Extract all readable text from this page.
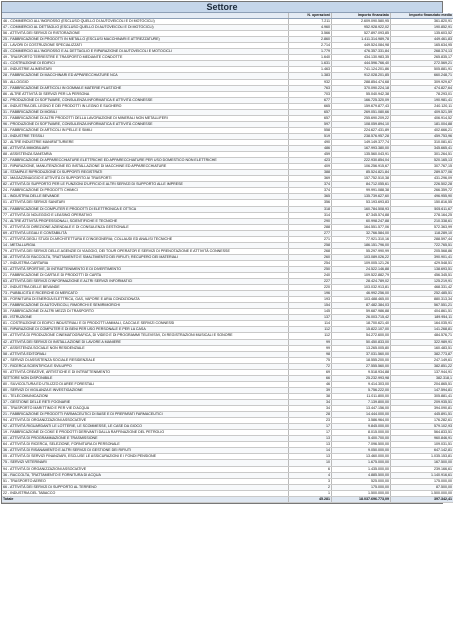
Settore
	N. operazioni	Importo finanziato	Importo finanziato medio
46 - COMMERCIO ALL'INGROSSO (ESCLUSO QUELLO DI AUTOVEICOLI E DI MOTOCICLI)	7.211	2.609.090.580,95	361.820,91
47 - COMMERCIO AL DETTAGLIO (ESCLUSO QUELLO DI AUTOVEICOLI E DI MOTOCICLI)	4.960	952.928.922,02	190.852,91
56 - ATTIVITÀ DEI SERVIZI DI RISTORAZIONE	3.566	527.897.093,85	135.603,52
25 - FABBRICAZIONE DI PRODOTTI IN METALLO (ESCLUSI MACCHINARI E ATTREZZATURE)	2.860	1.411.314.989,78	449.461,83
43 - LAVORI DI COSTRUZIONE SPECIALIZZATI	2.714	449.524.084,98	165.634,95
45 - COMMERCIO ALL'INGROSSO E AL DETTAGLIO E RIPARAZIONE DI AUTOVEICOLI E MOTOCICLI	1.779	476.357.331,84	268.374,13
49 - TRASPORTO TERRESTRE E TRASPORTO MEDIANTE CONDOTTE	1.640	434.130.983,35	265.835,17
41 - COSTRUZIONE DI EDIFICI	1.631	444.596.766,40	272.569,21
10 - INDUSTRIE ALIMENTARI	1.463	741.124.201,86	505.881,91
28 - FABBRICAZIONE DI MACCHINARI ED APPARECCHIATURE NCA	1.383	912.028.201,85	660.248,71
55 - ALLOGGIO	932	288.854.474,68	309.929,67
22 - FABBRICAZIONE DI ARTICOLI IN GOMMA E MATERIE PLASTICHE	763	370.090.224,18	474.827,64
86 - ALTRE ATTIVITÀ DI SERVIZI PER LA PERSONA	703	55.040.942,38	78.293,01
62 - PRODUZIONE DI SOFTWARE, CONSULENZA INFORMATICA E ATTIVITÀ CONNESSE	677	166.725.320,09	190.981,41
16 - INDUSTRIA DEL LEGNO E DEI PRODOTTI IN LEGNO E SUGHERO	665	159.679.877,43	240.120,11
31 - FABBRICAZIONE DI MOBILI	657	269.051.080,66	409.521,59
23 - FABBRICAZIONE DI ALTRI PRODOTTI DELLA LAVORAZIONE DI MINERALI NON METALLIFERI	657	255.690.209,22	406.914,52
96 - PRODUZIONE DI SOFTWARE, CONSULENZA INFORMATICA E ATTIVITÀ CONNESSE	597	108.059.894,10	181.004,88
15 - FABBRICAZIONE DI ARTICOLI IN PELLE E SIMILI	558	224.627.431,89	402.666,21
13 - INDUSTRIE TESSILI	519	238.576.957,28	459.753,96
32 - ALTRE INDUSTRIE MANIFATTURIERE	490	149.149.377,74	310.081,61
68 - ATTIVITÀ IMMOBILIARI	486	167.993.380,00	345.665,41
88 - ASSISTENZA SANITARIA	459	135.560.043,91	301.264,51
27 - FABBRICAZIONE DI APPARECCHIATURE ELETTRICHE ED APPARECCHIATURE PER USO DOMESTICO NON ELETTRICHE	423	222.930.854,04	520.165,13
33 - RIPARAZIONE, MANUTENZIONE ED INSTALLAZIONE DI MACCHINE ED APPARECCHIATURE	409	106.256.915,67	307.767,15
18 - STAMPA E RIPRODUZIONE DI SUPPORTI REGISTRATI	388	85.524.821,84	289.577,06
52 - MAGAZZINAGGIO E ATTIVITÀ DI SUPPORTO AI TRASPORTI	369	157.752.510,38	431.296,09
82 - ATTIVITÀ DI SUPPORTO PER LE FUNZIONI D'UFFICIO E ALTRI SERVIZI DI SUPPORTO ALLE IMPRESE	374	84.712.055,61	226.502,28
24 - FABBRICAZIONE DI PRODOTTI CHIMICI	374	99.991.088,38	266.359,72
11 - INDUSTRIA DELLE BEVANDE	365	135.739.627,60	496.955,90
01 - ATTIVITÀ DEI SERVIZI SANITARI	356	53.193.693,83	150.816,55
26 - FABBRICAZIONE DI COMPUTER E PRODOTTI DI ELETTRONICA E OTTICA	318	160.784.508,93	505.611,67
77 - ATTIVITÀ DI NOLEGGIO E LEASING OPERATIVO	314	87.345.574,88	278.164,25
74 - ALTRE ATTIVITÀ PROFESSIONALI, SCIENTIFICHE E TECNICHE	290	60.998.247,88	210.338,61
70 - ATTIVITÀ DI DIREZIONE AZIENDALE E DI CONSULENZA GESTIONALE	288	164.551.577,06	572.363,99
69 - ATTIVITÀ LEGALI E CONTABILITÀ	277	32.766.584,00	118.289,10
71 - ATTIVITÀ DEGLI STUDI DI ARCHITETTURA E D'INGEGNERIA; COLLAUDI ED ANALISI TECNICHE	271	77.921.310,16	288.597,44
14 - METALLURGIA	258	186.151.796,00	722.765,51
79 - ATTIVITÀ DEI SERVIZI DELLE AGENZIE DI VIAGGIO, DEI TOUR OPERATOR E SERVIZI DI PRENOTAZIONE E ATTIVITÀ CONNESSE	268	55.297.990,99	205.568,86
38 - ATTIVITÀ DI RACCOLTA, TRATTAMENTO E SMALTIMENTO DEI RIFIUTI; RECUPERO DEI MATERIALI	260	103.089.026,22	390.901,41
17 - INDUSTRIA CARTARIA	254	109.005.121,26	429.548,51
93 - ATTIVITÀ SPORTIVE, DI INTRATTENIMENTO E DI DIVERTIMENTO	250	24.522.146,88	138.693,51
21 - FABBRICAZIONE DI CARTA E DI PRODOTTI DI CARTA	240	109.522.882,79	456.345,51
63 - ATTIVITÀ DEI SERVIZI D'INFORMAZIONE E ALTRI SERVIZI INFORMATICI	227	28.424.789,02	125.219,91
12 - INDUSTRIA DELLE BEVANDE	220	103.032.913,81	468.331,42
73 - PUBBLICITÀ E RICERCHE DI MERCATO	196	46.992.256,00	252.485,51
35 - FORNITURA DI ENERGIA ELETTRICA, GAS, VAPORE E ARIA CONDIZIONATA	193	103.488.465,00	880.313,34
29 - FABBRICAZIONE DI AUTOVEICOLI, RIMORCHI E SEMIRIMORCHI	154	87.482.384,03	567.551,21
30 - FABBRICAZIONE DI ALTRI MEZZI DI TRASPORTO	145	59.687.986,88	404.861,51
85 - ISTRUZIONE	137	26.003.715,42	189.954,11
81 - COSTRUZIONE DI EDIFICI INDUSTRIALI E DI PRODOTTI ANIMALI, CACCIA E SERVIZI CONNESSI	114	18.700.621,40	164.035,91
95 - RIPARAZIONE DI COMPUTER E DI BENI PER USO PERSONALE E PER LA CASA	112	15.822.107,00	141.268,81
59 - ATTIVITÀ DI PRODUZIONE CINEMATOGRAFICA, DI VIDEO E DI PROGRAMMI TELEVISIVI, DI REGISTRAZIONI MUSICALI E SONORE	112	54.272.600,00	484.576,71
42 - ATTIVITÀ DEI SERVIZI DI INSTALLAZIONE DI LAVORE A MANIERE	99	50.450.833,00	322.989,91
87 - ASSISTENZA SOCIALE NON RESIDENZIALE	99	13.265.005,80	160.483,51
58 - ATTIVITÀ EDITORIALI	98	37.031.560,00	382.773,87
87 - SERVIZI DI ASSISTENZA SOCIALE RESIDENZIALE	75	18.555.200,00	247.149,61
72 - RICERCA SCIENTIFICA E SVILUPPO	72	27.555.560,00	382.851,22
90 - ATTIVITÀ CREATIVE, ARTISTICHE E DI INTRATTENIMENTO	69	9.518.934,88	137.944,91
SETTORE NON DISPONIBILE	66	25.232.993,98	382.318,1
80 - SILVICOLTURA ED UTILIZZO DI AREE FORESTALI	46	9.414.303,00	204.865,51
80 - SERVIZI DI VIGILANZA E INVESTIGAZIONE	39	5.756.222,00	147.594,81
61 - TELECOMUNICAZIONI	38	11.011.800,00	305.881,41
37 - GESTIONE DELLE RETI FOGNARIE	34	7.139.800,00	209.935,51
50 - TRASPORTO MARITTIMO E PER VIE D'ACQUA	34	13.447.156,00	394.090,81
21 - FABBRICAZIONE DI PRODOTTI FARMACEUTICI DI BASE E DI PREPARATI FARMACEUTICI	28	14.444.000,00	445.891,51
94 - ATTIVITÀ DI ORGANIZZAZIONI ASSOCIATIVE	23	3.586.964,00	176.282,61
92 - ATTIVITÀ RIGUARDANTI LE LOTTERIE, LE SCOMMESSE, LE CASE DA GIOCO	17	9.845.000,00	579.102,93
19 - FABBRICAZIONE DI COKE E PRODOTTI DERIVANTI DALLA RAFFINAZIONE DEL PETROLIO	17	8.015.000,00	564.833,51
60 - ATTIVITÀ DI PROGRAMMAZIONE E TRASMISSIONE	13	5.400.700,00	960.846,91
64 - ATTIVITÀ DI RICERCA, SELEZIONE, FORNITURA DI PERSONALE	13	7.096.500,00	109.031,51
36 - ATTIVITÀ DI RISANAMENTO E ALTRI SERVIZI DI GESTIONE DEI RIFIUTI	14	9.050.000,00	647.142,81
05 - ATTIVITÀ DI SERVIZI FINANZIARI, ESCLUSE LE ASSICURAZIONI E I FONDI PENSIONE	13	13.460.000,00	1.035.153,81
75 - SERVIZI VETERINARI	10	1.675.000,00	167.500,00
94 - ATTIVITÀ DI ORGANIZZAZIONI ASSOCIATIVE	6	1.435.000,00	239.166,61
36 - RACCOLTA, TRATTAMENTO E FORNITURA DI ACQUA	4	4.885.500,00	1.140.916,61
51 - TRASPORTO AEREO	3	525.000,00	175.000,00
66 - ATTIVITÀ DEI SERVIZI DI SUPPORTO AL TERRENO	2	175.000,00	87.500,00
22 - INDUSTRIA DEL TABACCO	1	1.500.000,00	1.500.000,00
Totale	45.281	18.037.696.773,09	397.342,41
